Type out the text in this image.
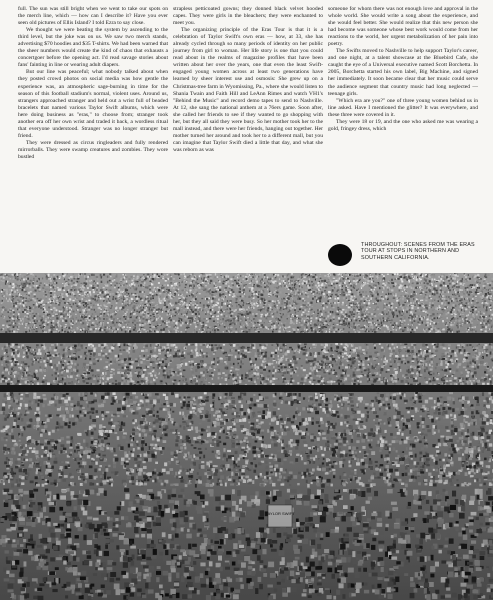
full. The sun was still bright when we went to take our spots on the merch line, which — how can I describe it? Have you ever seen old pictures of Ellis Island? I told Ezra to say close.

We thought we were beating the system by ascending to the third level, but the joke was on us. We saw two merch stands, advertising $70 hoodies and $35 T-shirts. We had been warned that the sheer numbers would create the kind of chaos that exhausts a concertgoer before the opening act. I'd read savage stories about fans' fainting in line or wearing adult diapers.

But our line was peaceful; what nobody talked about when they posted crowd photos on social media was how gentle the experience was, an atmospheric sage-burning in time for the season of this football stadium's normal, violent uses. Around us, strangers approached stranger and held out a wrist full of beaded bracelets that named various Taylor Swift albums, which were here doing business as "eras," to choose from; stranger took another era off her own wrist and traded it back, a wordless ritual that everyone understood. Stranger was no longer stranger but friend.

They were dressed as circus ringleaders and fully rendered mirrorballs. They were swamp creatures and zombies. They wore bustled

strapless petticoated gowns; they donned black velvet hooded capes. They were girls in the bleachers; they were enchanted to meet you.

The organizing principle of the Eras Tour is that it is a celebration of Taylor Swift's own eras — how, at 33, she has already cycled through so many periods of identity on her public journey from girl to woman. Her life story is one that you could read about in the realms of magazine profiles that have been written about her over the years, one that even the least Swift-engaged young women across at least two generations have learned by sheer interest use and osmosis: She grew up on a Christmas-tree farm in Wyomissing, Pa., where she would listen to Shania Twain and Faith Hill and LeAnn Rimes and watch VH1's "Behind the Music" and record demo tapes to send to Nashville. At 12, she sang the national anthem at a 76ers game. Soon after, she called her friends to see if they wanted to go shopping with her, but they all said they were busy. So her mother took her to the mall instead, and there were her friends, hanging out together. Her mother turned her around and took her to a different mall, but you can imagine that Taylor Swift died a little that day, and what she was reborn as was

someone for whom there was not enough love and approval in the whole world. She would write a song about the experience, and she would feel better. She would realize that this new person she had become was someone whose best work would come from her reactions to the world, her urgent metabolization of her pain into poetry.

The Swifts moved to Nashville to help support Taylor's career, and one night, at a talent showcase at the Bluebird Cafe, she caught the eye of a Universal executive named Scott Borchetta. In 2005, Borchetta started his own label, Big Machine, and signed her immediately. It soon became clear that her music could serve the audience segment that country music had long neglected — teenage girls.

"Which era are you?" one of three young women behind us in line asked. Have I mentioned the glitter? It was everywhere, and these three were covered in it.

They were 18 or 19, and the one who asked me was wearing a gold, fringey dress, which

THROUGHOUT: SCENES FROM THE ERAS TOUR AT STOPS IN NORTHERN AND SOUTHERN CALIFORNIA.
